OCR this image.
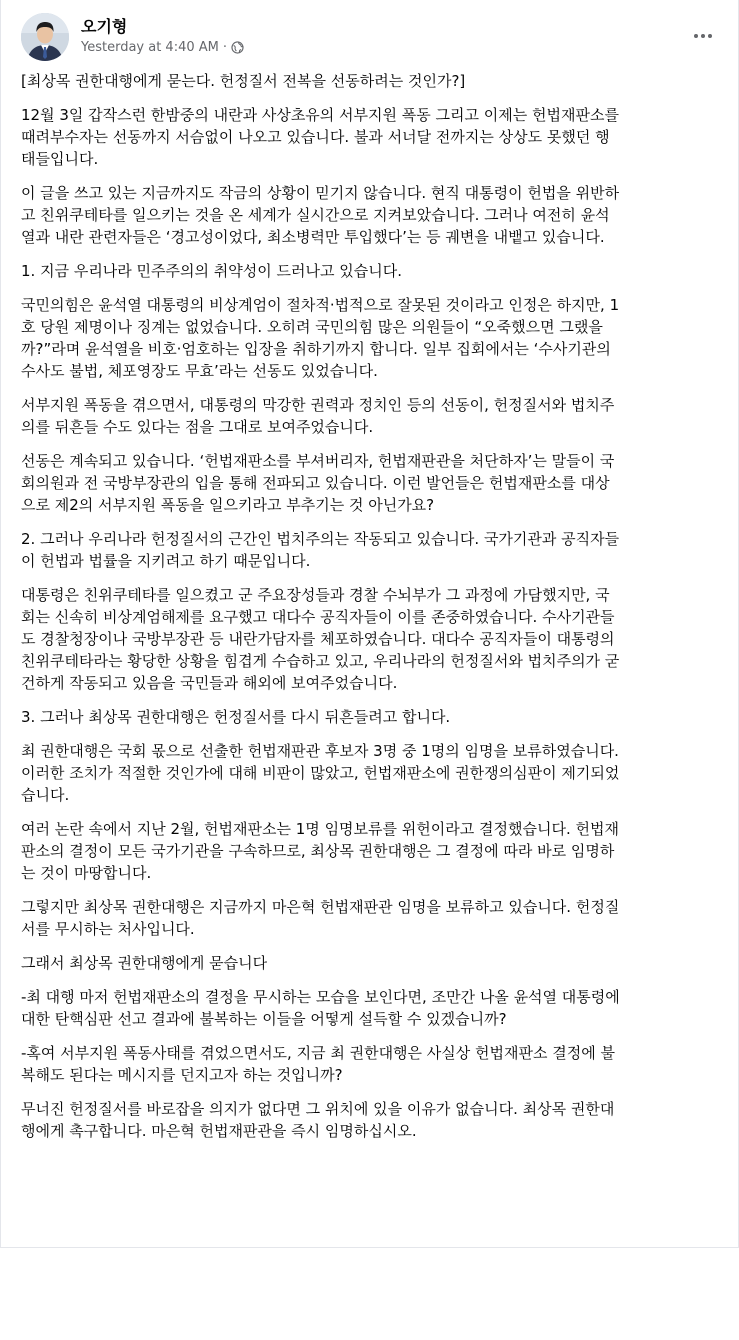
오기형
Yesterday at 4:40 AM ·

[최상목 권한대행에게 묻는다. 헌정질서 전복을 선동하려는 것인가?]

12월 3일 갑작스런 한밤중의 내란과 사상초유의 서부지원 폭동 그리고 이제는 헌법재판소를
때려부수자는 선동까지 서슴없이 나오고 있습니다. 불과 서너달 전까지는 상상도 못했던 행
태들입니다.

이 글을 쓰고 있는 지금까지도 작금의 상황이 믿기지 않습니다. 현직 대통령이 헌법을 위반하
고 친위쿠테타를 일으키는 것을 온 세계가 실시간으로 지켜보았습니다. 그러나 여전히 윤석
열과 내란 관련자들은 ‘경고성이었다, 최소병력만 투입했다’는 등 궤변을 내뱉고 있습니다.

1. 지금 우리나라 민주주의의 취약성이 드러나고 있습니다.

국민의힘은 윤석열 대통령의 비상계엄이 절차적·법적으로 잘못된 것이라고 인정은 하지만, 1
호 당원 제명이나 징계는 없었습니다. 오히려 국민의힘 많은 의원들이 “오죽했으면 그랬을
까?”라며 윤석열을 비호·엄호하는 입장을 취하기까지 합니다. 일부 집회에서는 ‘수사기관의
수사도 불법, 체포영장도 무효’라는 선동도 있었습니다.

서부지원 폭동을 겪으면서, 대통령의 막강한 권력과 정치인 등의 선동이, 헌정질서와 법치주
의를 뒤흔들 수도 있다는 점을 그대로 보여주었습니다.

선동은 계속되고 있습니다. ‘헌법재판소를 부셔버리자, 헌법재판관을 처단하자’는 말들이 국
회의원과 전 국방부장관의 입을 통해 전파되고 있습니다. 이런 발언들은 헌법재판소를 대상
으로 제2의 서부지원 폭동을 일으키라고 부추기는 것 아닌가요?

2. 그러나 우리나라 헌정질서의 근간인 법치주의는 작동되고 있습니다. 국가기관과 공직자들
이 헌법과 법률을 지키려고 하기 때문입니다.

대통령은 친위쿠테타를 일으켰고 군 주요장성들과 경찰 수뇌부가 그 과정에 가담했지만, 국
회는 신속히 비상계엄해제를 요구했고 대다수 공직자들이 이를 존중하였습니다. 수사기관들
도 경찰청장이나 국방부장관 등 내란가담자를 체포하였습니다. 대다수 공직자들이 대통령의
친위쿠테타라는 황당한 상황을 힘겹게 수습하고 있고, 우리나라의 헌정질서와 법치주의가 굳
건하게 작동되고 있음을 국민들과 해외에 보여주었습니다.

3. 그러나 최상목 권한대행은 헌정질서를 다시 뒤흔들려고 합니다.

최 권한대행은 국회 몫으로 선출한 헌법재판관 후보자 3명 중 1명의 임명을 보류하였습니다.
이러한 조치가 적절한 것인가에 대해 비판이 많았고, 헌법재판소에 권한쟁의심판이 제기되었
습니다.

여러 논란 속에서 지난 2월, 헌법재판소는 1명 임명보류를 위헌이라고 결정했습니다. 헌법재
판소의 결정이 모든 국가기관을 구속하므로, 최상목 권한대행은 그 결정에 따라 바로 임명하
는 것이 마땅합니다.

그렇지만 최상목 권한대행은 지금까지 마은혁 헌법재판관 임명을 보류하고 있습니다. 헌정질
서를 무시하는 처사입니다.

그래서 최상목 권한대행에게 묻습니다

-최 대행 마저 헌법재판소의 결정을 무시하는 모습을 보인다면, 조만간 나올 윤석열 대통령에
대한 탄핵심판 선고 결과에 불복하는 이들을 어떻게 설득할 수 있겠습니까?

-혹여 서부지원 폭동사태를 겪었으면서도, 지금 최 권한대행은 사실상 헌법재판소 결정에 불
복해도 된다는 메시지를 던지고자 하는 것입니까?

무너진 헌정질서를 바로잡을 의지가 없다면 그 위치에 있을 이유가 없습니다. 최상목 권한대
행에게 촉구합니다. 마은혁 헌법재판관을 즉시 임명하십시오.
